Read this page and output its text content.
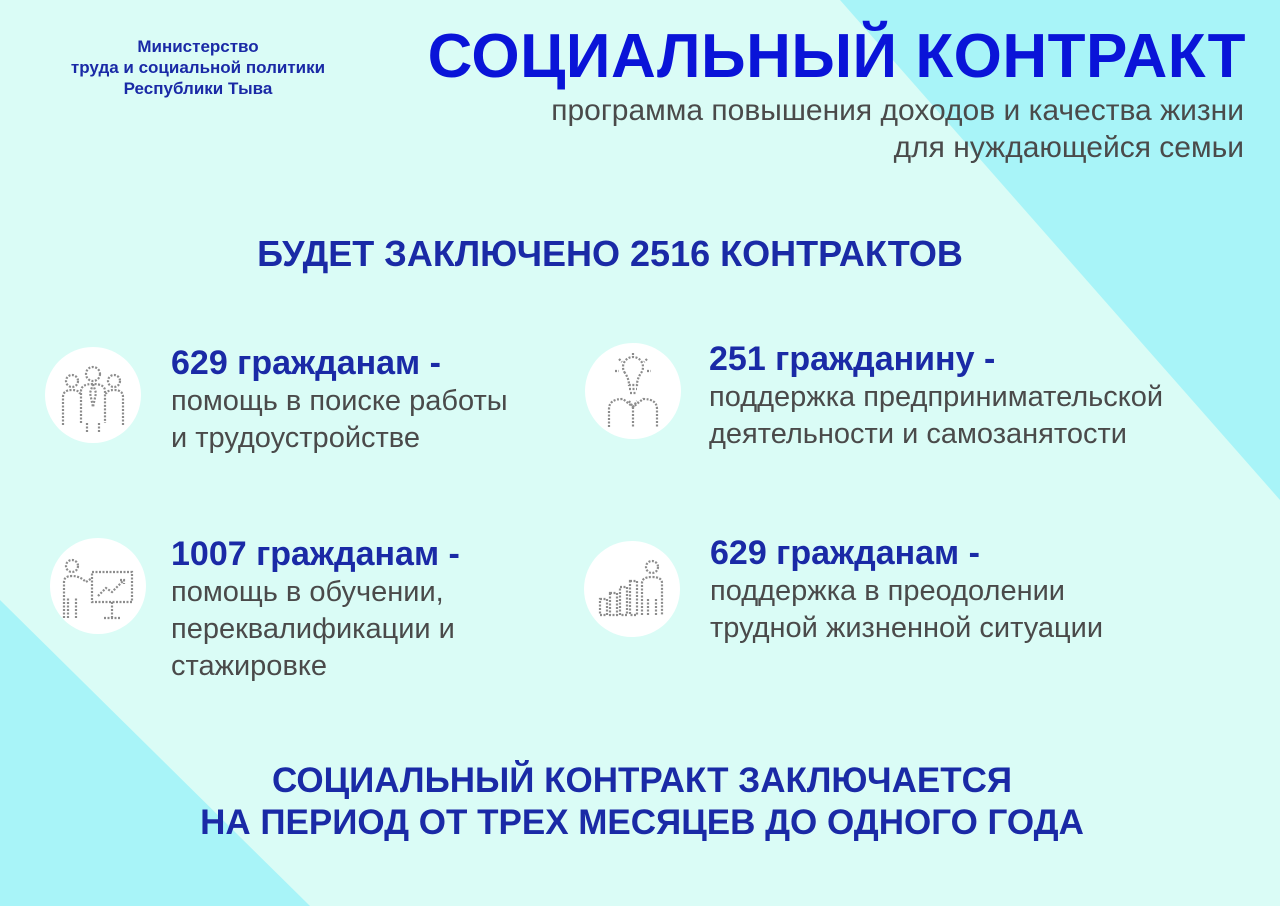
Министерство
труда и социальной политики
Республики Тыва	СОЦИАЛЬНЫЙ КОНТРАКТ
программа повышения доходов и качества жизни
для нуждающейся семьи
БУДЕТ ЗАКЛЮЧЕНО 2516 КОНТРАКТОВ
629 гражданам -
помощь в поиске работы
и трудоустройстве
251 гражданину -
поддержка предпринимательской
деятельности и самозанятости
1007 гражданам -
помощь в обучении,
переквалификации и
стажировке
629 гражданам -
поддержка в преодолении
трудной жизненной ситуации
СОЦИАЛЬНЫЙ КОНТРАКТ ЗАКЛЮЧАЕТСЯ
НА ПЕРИОД ОТ ТРЕХ МЕСЯЦЕВ ДО ОДНОГО ГОДА
